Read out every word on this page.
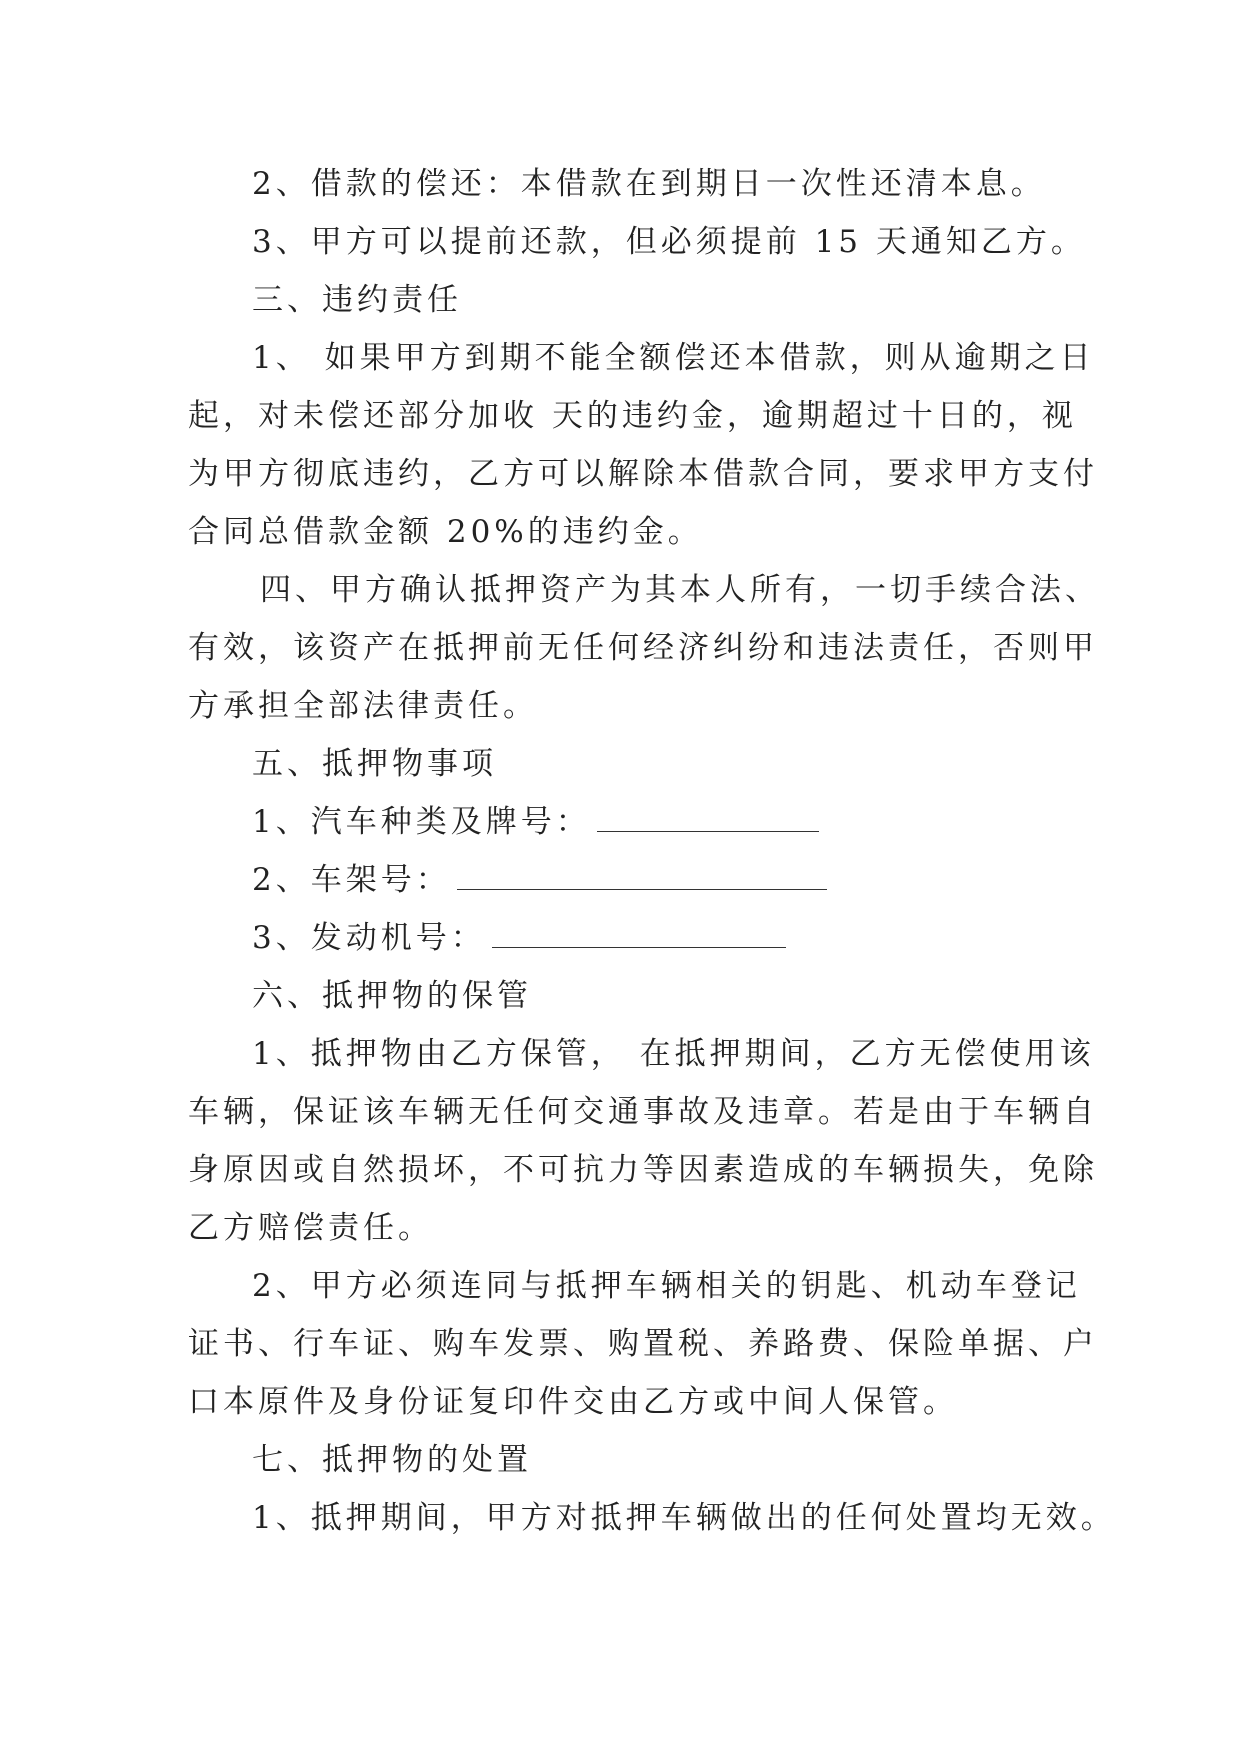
2、借款的偿还：本借款在到期日一次性还清本息。
3、甲方可以提前还款，但必须提前 15 天通知乙方。
三、违约责任
1、 如果甲方到期不能全额偿还本借款，则从逾期之日
起，对未偿还部分加收 天的违约金，逾期超过十日的，视
为甲方彻底违约，乙方可以解除本借款合同，要求甲方支付
合同总借款金额 20%的违约金。
四、甲方确认抵押资产为其本人所有，一切手续合法、
有效，该资产在抵押前无任何经济纠纷和违法责任，否则甲
方承担全部法律责任。
五、抵押物事项
1、汽车种类及牌号：
2、车架号：
3、发动机号：
六、抵押物的保管
1、抵押物由乙方保管， 在抵押期间，乙方无偿使用该
车辆，保证该车辆无任何交通事故及违章。若是由于车辆自
身原因或自然损坏，不可抗力等因素造成的车辆损失，免除
乙方赔偿责任。
2、甲方必须连同与抵押车辆相关的钥匙、机动车登记
证书、行车证、购车发票、购置税、养路费、保险单据、户
口本原件及身份证复印件交由乙方或中间人保管。
七、抵押物的处置
1、抵押期间，甲方对抵押车辆做出的任何处置均无效。
